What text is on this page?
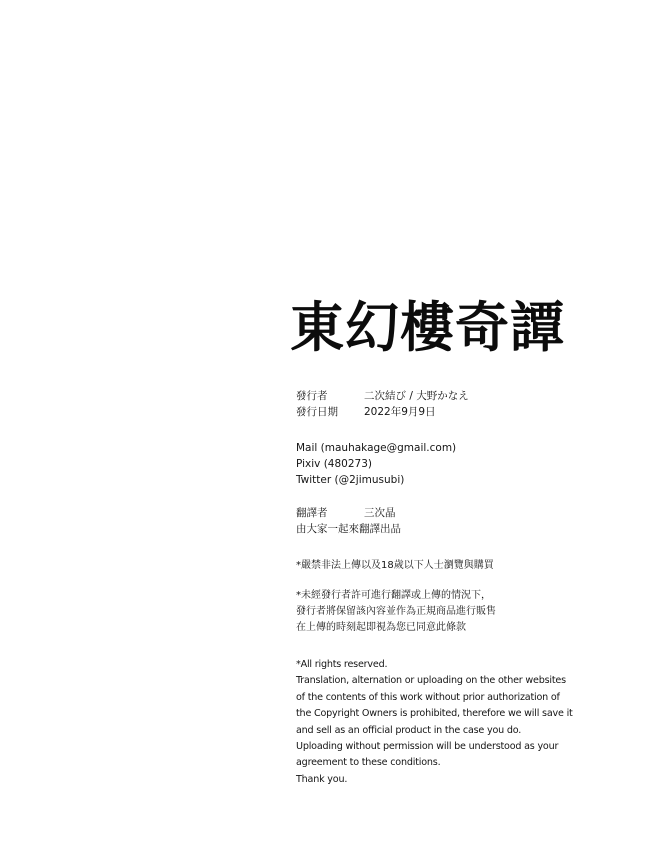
東幻樓奇譚
發行者	二次結び / 大野かなえ
發行日期	2022年9月9日
Mail (mauhakage@gmail.com)
Pixiv (480273)
Twitter (@2jimusubi)
翻譯者	三次晶
由大家一起來翻譯出品
*嚴禁非法上傳以及18歲以下人士瀏覽與購買
*未經發行者許可進行翻譯或上傳的情況下，
發行者將保留該內容並作為正規商品進行販售
在上傳的時刻起即視為您已同意此條款
*All rights reserved.
Translation, alternation or uploading on the other websites
of the contents of this work without prior authorization of
the Copyright Owners is prohibited, therefore we will save it
and sell as an official product in the case you do.
Uploading without permission will be understood as your
agreement to these conditions.
Thank you.
